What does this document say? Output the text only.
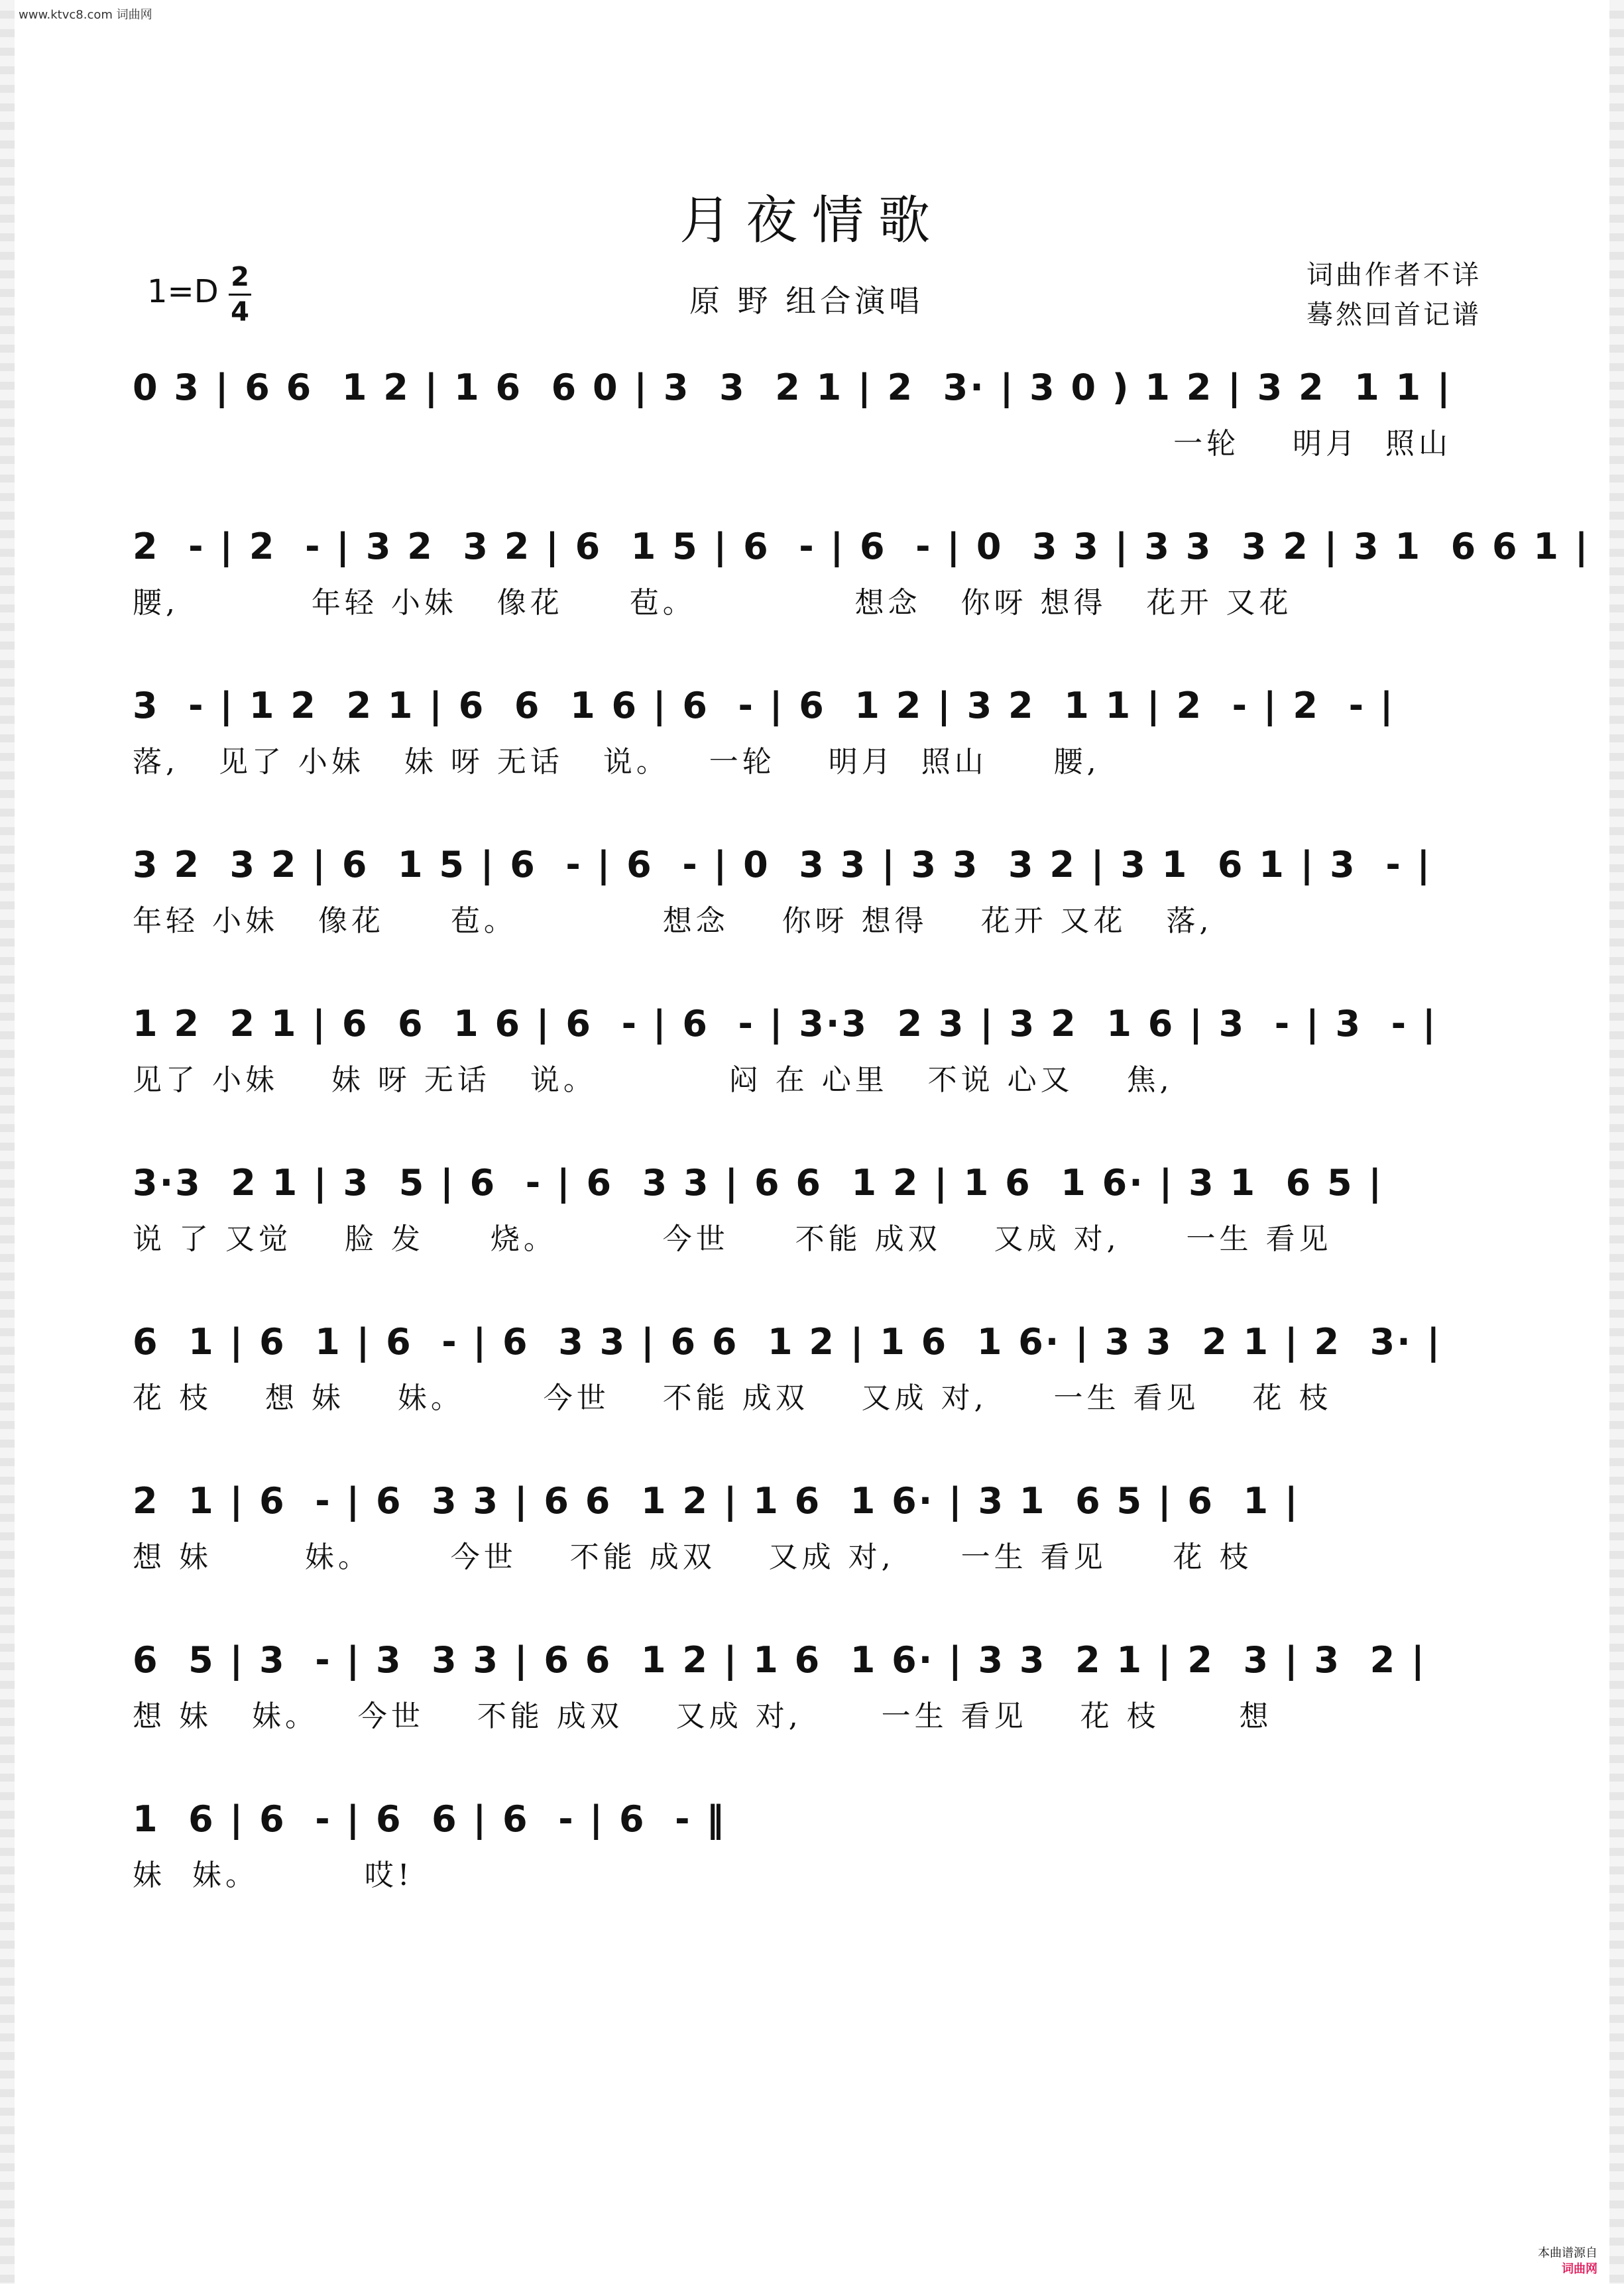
www.ktvc8.com 词曲网
月夜情歌
1=D 2
4	原 野 组合演唱
词曲作者不详
蓦然回首记谱
0 3 | 6 6  1 2 | 1 6  6 0 | 3  3  2 1 | 2  3· | 3 0 ) 1 2 | 3 2  1 1 |
一轮    明月  照山
2  - | 2  - | 3 2  3 2 | 6  1 5 | 6  - | 6  - | 0  3 3 | 3 3  3 2 | 3 1  6 6 1 |
腰,          年轻 小妹   像花     苞。            想念   你呀 想得   花开 又花
3  - | 1 2  2 1 | 6  6  1 6 | 6  - | 6  1 2 | 3 2  1 1 | 2  - | 2  - |
落,   见了 小妹   妹 呀 无话   说。   一轮    明月  照山     腰,
3 2  3 2 | 6  1 5 | 6  - | 6  - | 0  3 3 | 3 3  3 2 | 3 1  6 1 | 3  - |
年轻 小妹   像花     苞。           想念    你呀 想得    花开 又花   落,
1 2  2 1 | 6  6  1 6 | 6  - | 6  - | 3·3  2 3 | 3 2  1 6 | 3  - | 3  - |
见了 小妹    妹 呀 无话   说。          闷 在 心里   不说 心又    焦,
3·3  2 1 | 3  5 | 6  - | 6  3 3 | 6 6  1 2 | 1 6  1 6· | 3 1  6 5 |
说 了 又觉    脸 发     烧。        今世     不能 成双    又成 对,     一生 看见
6  1 | 6  1 | 6  - | 6  3 3 | 6 6  1 2 | 1 6  1 6· | 3 3  2 1 | 2  3· |
花 枝    想 妹    妹。      今世    不能 成双    又成 对,     一生 看见    花 枝
2  1 | 6  - | 6  3 3 | 6 6  1 2 | 1 6  1 6· | 3 1  6 5 | 6  1 |
想 妹       妹。      今世    不能 成双    又成 对,     一生 看见     花 枝
6  5 | 3  - | 3  3 3 | 6 6  1 2 | 1 6  1 6· | 3 3  2 1 | 2  3 | 3  2 |
想 妹   妹。   今世    不能 成双    又成 对,      一生 看见    花 枝      想
1  6 | 6  - | 6  6 | 6  - | 6  - ‖
妹  妹。        哎!
本曲谱源自
词曲网
